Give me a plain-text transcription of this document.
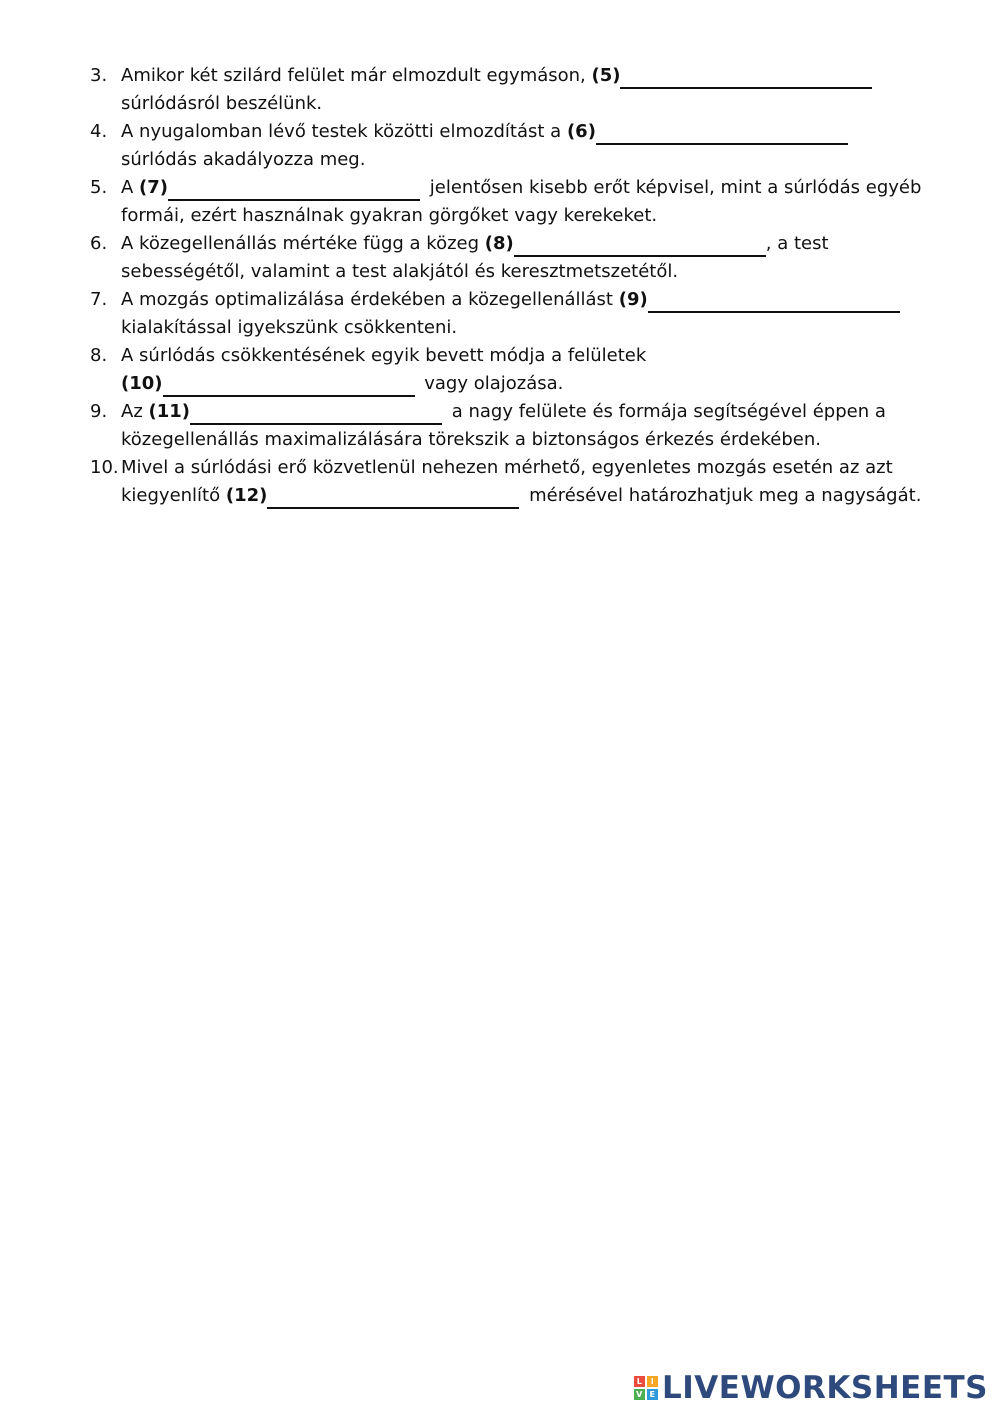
3. Amikor két szilárd felület már elmozdult egymáson, (5)
súrlódásról beszélünk.
4. A nyugalomban lévő testek közötti elmozdítást a (6)
súrlódás akadályozza meg.
5. A (7)	jelentősen kisebb erőt képvisel, mint a súrlódás egyéb
formái, ezért használnak gyakran görgőket vagy kerekeket.
6. A közegellenállás mértéke függ a közeg (8)	, a test
sebességétől, valamint a test alakjától és keresztmetszetétől.
7. A mozgás optimalizálása érdekében a közegellenállást (9)
kialakítással igyekszünk csökkenteni.
8. A súrlódás csökkentésének egyik bevett módja a felületek
(10)	vagy olajozása.
9. Az (11)	a nagy felülete és formája segítségével éppen a
közegellenállás maximalizálására törekszik a biztonságos érkezés érdekében.
10. Mivel a súrlódási erő közvetlenül nehezen mérhető, egyenletes mozgás esetén az azt
kiegyenlítő (12)	mérésével határozhatjuk meg a nagyságát.
L	I
V E LIVEWORKSHEETS
